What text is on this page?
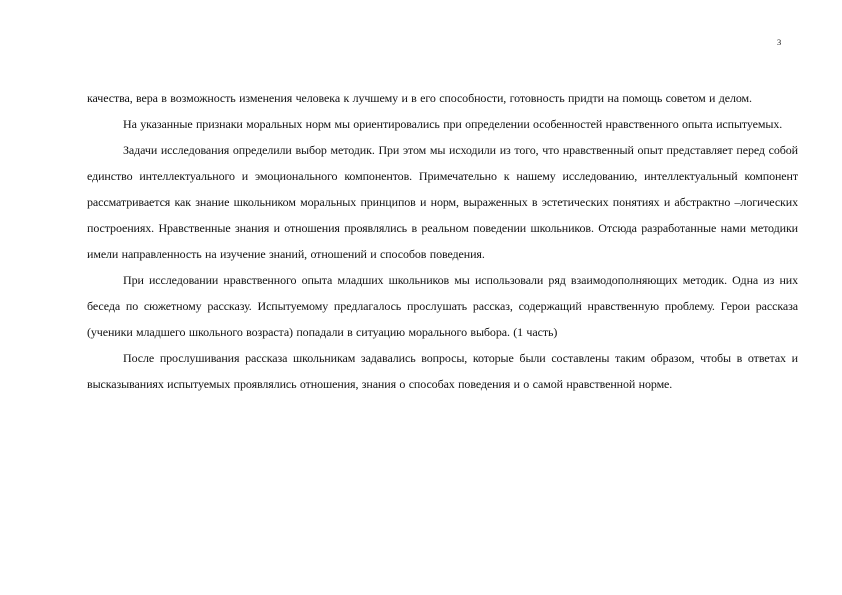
3

качества, вера в возможность изменения человека к лучшему и в его способности, готовность придти на помощь советом и делом.

На указанные признаки моральных норм мы ориентировались при определении особенностей нравственного опыта испытуемых.

Задачи исследования определили выбор методик. При этом мы исходили из того, что нравственный опыт представляет перед собой единство интеллектуального и эмоционального компонентов. Примечательно к нашему исследованию, интеллектуальный компонент рассматривается как знание школьником моральных принципов и норм, выраженных в эстетических понятиях и абстрактно –логических построениях. Нравственные знания и отношения проявлялись в реальном поведении школьников. Отсюда разработанные нами методики имели направленность на изучение знаний, отношений и способов поведения.

При исследовании нравственного опыта младших школьников мы использовали ряд взаимодополняющих методик. Одна из них беседа по сюжетному рассказу. Испытуемому предлагалось прослушать рассказ, содержащий нравственную проблему. Герои рассказа (ученики младшего школьного возраста) попадали в ситуацию морального выбора. (1 часть)

После прослушивания рассказа школьникам задавались вопросы, которые были составлены таким образом, чтобы в ответах и высказываниях испытуемых проявлялись отношения, знания о способах поведения и о самой нравственной норме.
